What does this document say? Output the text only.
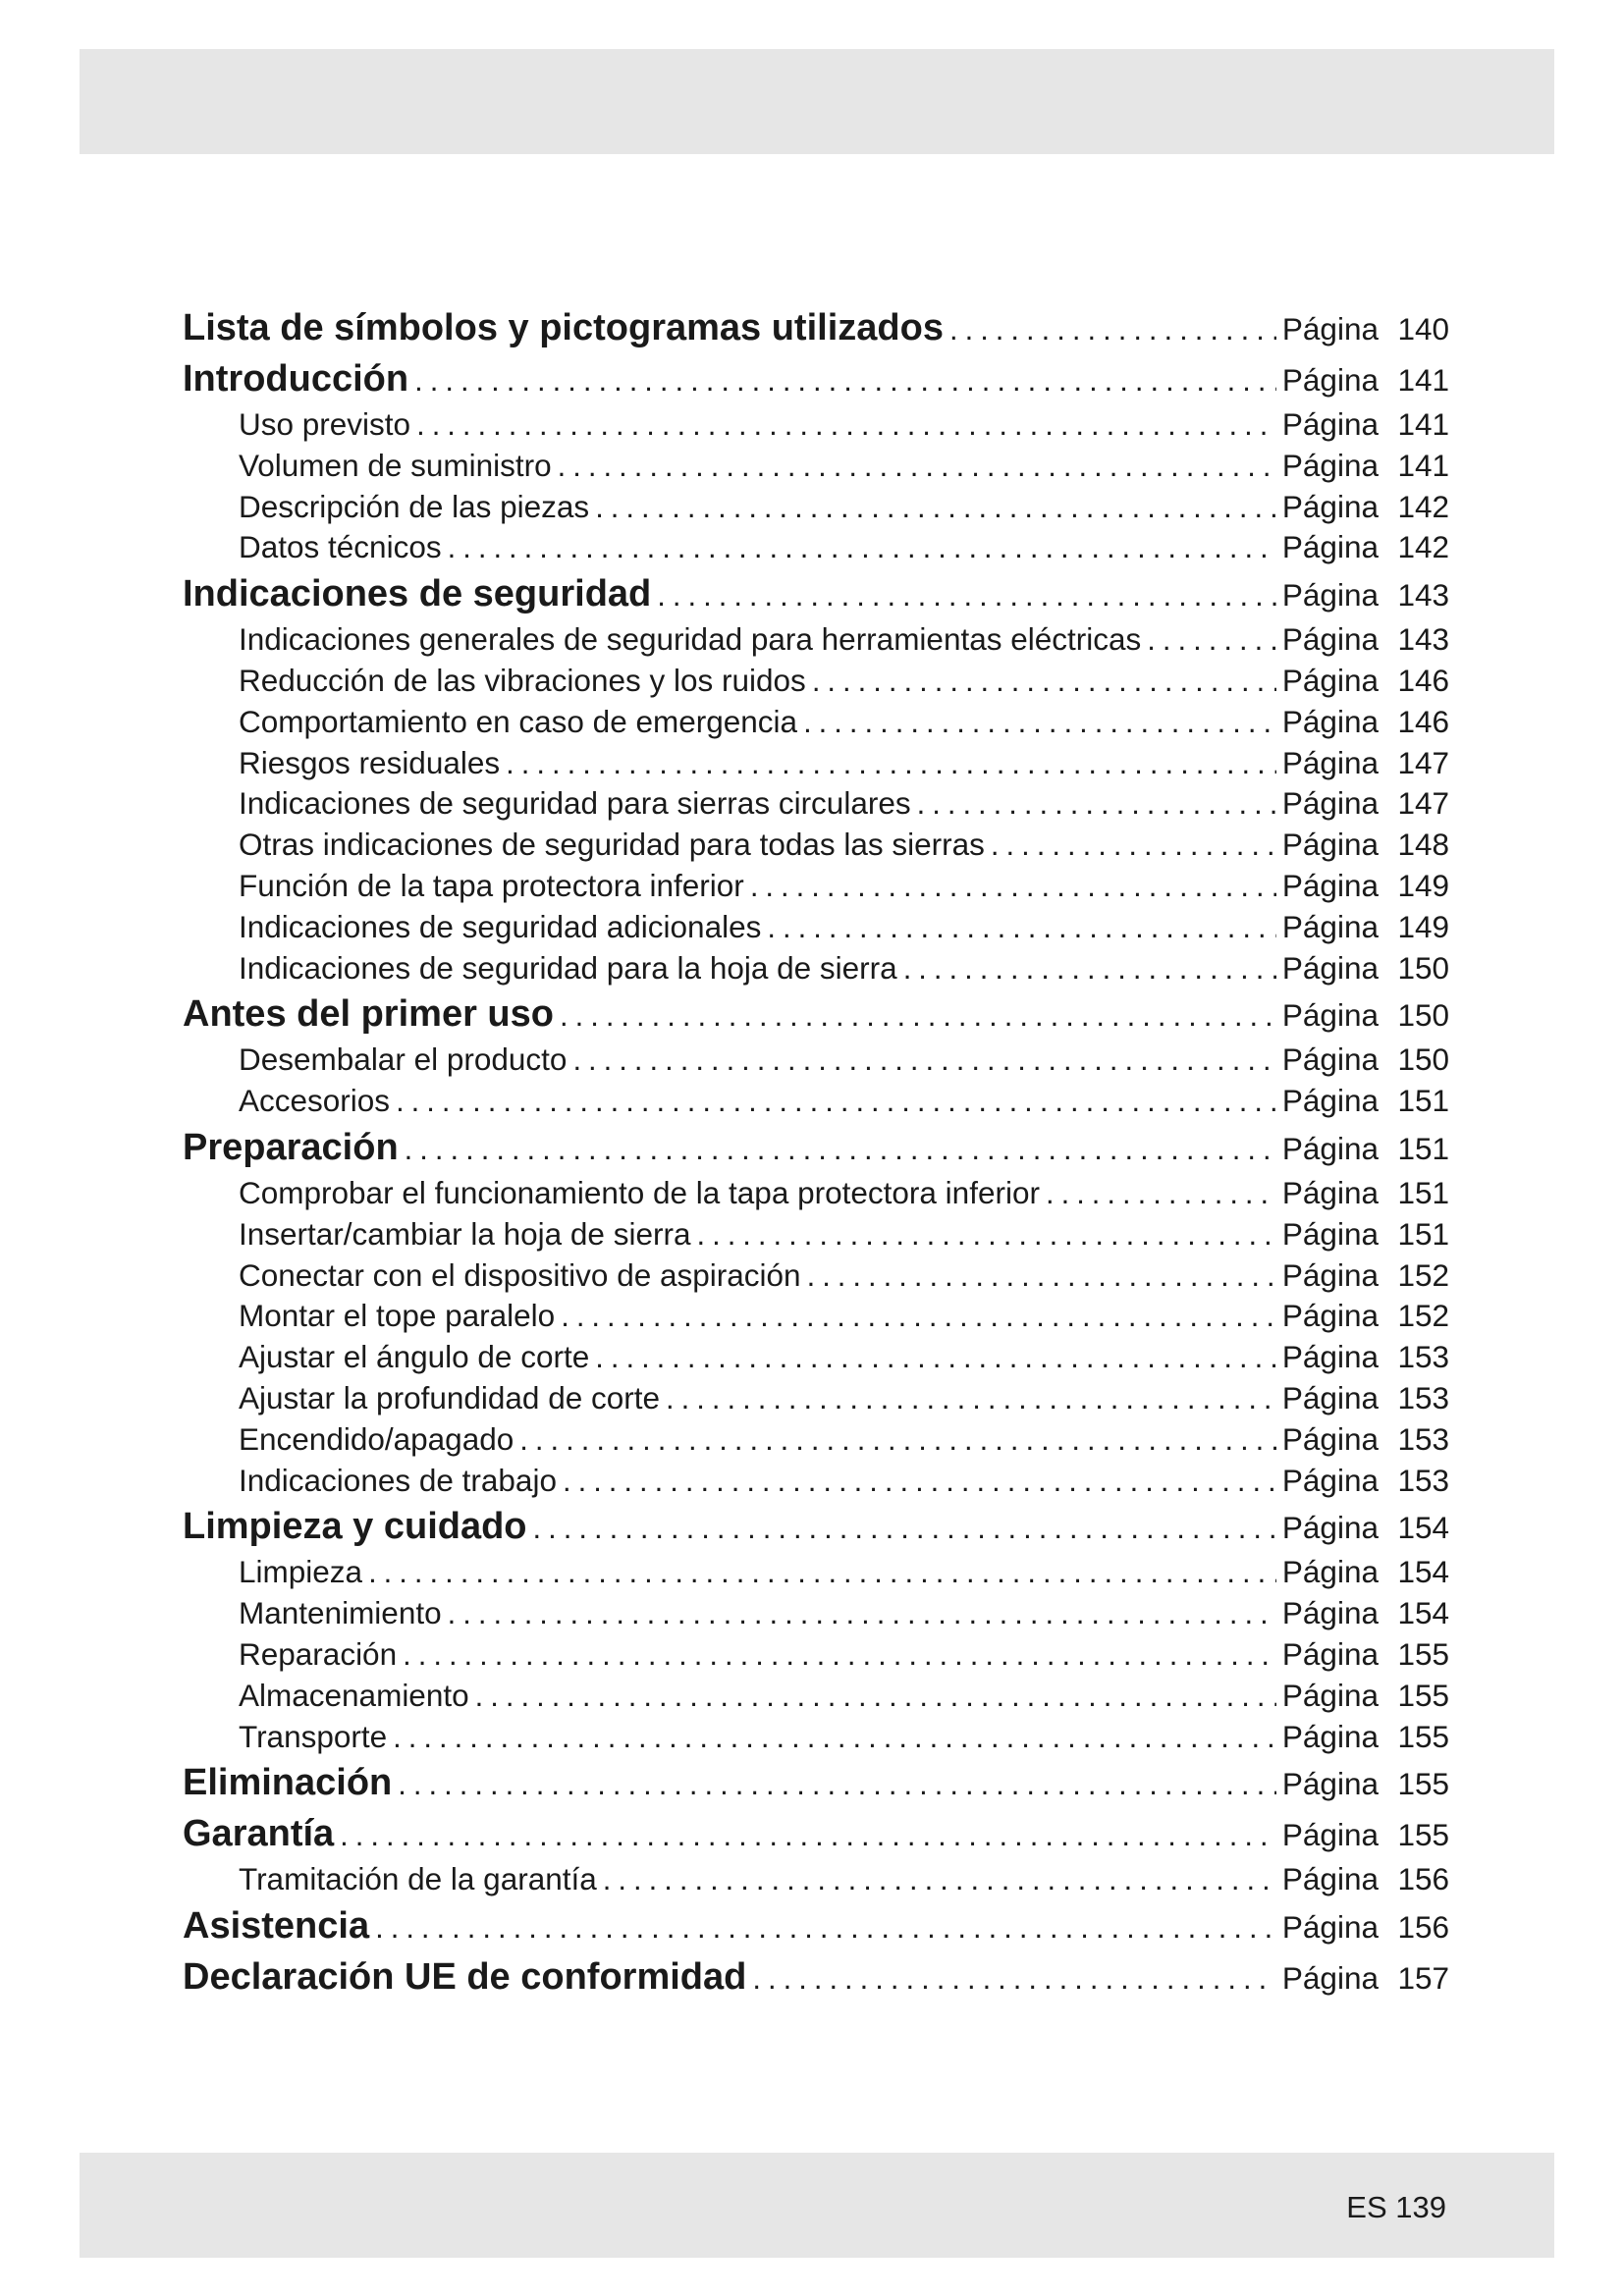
Lista de símbolos y pictogramas utilizados .....	Página 140
Introducción .....	Página 141
Uso previsto .....	Página 141
Volumen de suministro .....	Página 141
Descripción de las piezas .....	Página 142
Datos técnicos .....	Página 142
Indicaciones de seguridad .....	Página 143
Indicaciones generales de seguridad para herramientas eléctricas .....	Página 143
Reducción de las vibraciones y los ruidos .....	Página 146
Comportamiento en caso de emergencia .....	Página 146
Riesgos residuales .....	Página 147
Indicaciones de seguridad para sierras circulares .....	Página 147
Otras indicaciones de seguridad para todas las sierras .....	Página 148
Función de la tapa protectora inferior .....	Página 149
Indicaciones de seguridad adicionales .....	Página 149
Indicaciones de seguridad para la hoja de sierra .....	Página 150
Antes del primer uso .....	Página 150
Desembalar el producto .....	Página 150
Accesorios .....	Página 151
Preparación .....	Página 151
Comprobar el funcionamiento de la tapa protectora inferior .....	Página 151
Insertar/cambiar la hoja de sierra .....	Página 151
Conectar con el dispositivo de aspiración .....	Página 152
Montar el tope paralelo .....	Página 152
Ajustar el ángulo de corte .....	Página 153
Ajustar la profundidad de corte .....	Página 153
Encendido/apagado .....	Página 153
Indicaciones de trabajo .....	Página 153
Limpieza y cuidado .....	Página 154
Limpieza .....	Página 154
Mantenimiento .....	Página 154
Reparación .....	Página 155
Almacenamiento .....	Página 155
Transporte .....	Página 155
Eliminación .....	Página 155
Garantía .....	Página 155
Tramitación de la garantía .....	Página 156
Asistencia .....	Página 156
Declaración UE de conformidad .....	Página 157
ES 139
